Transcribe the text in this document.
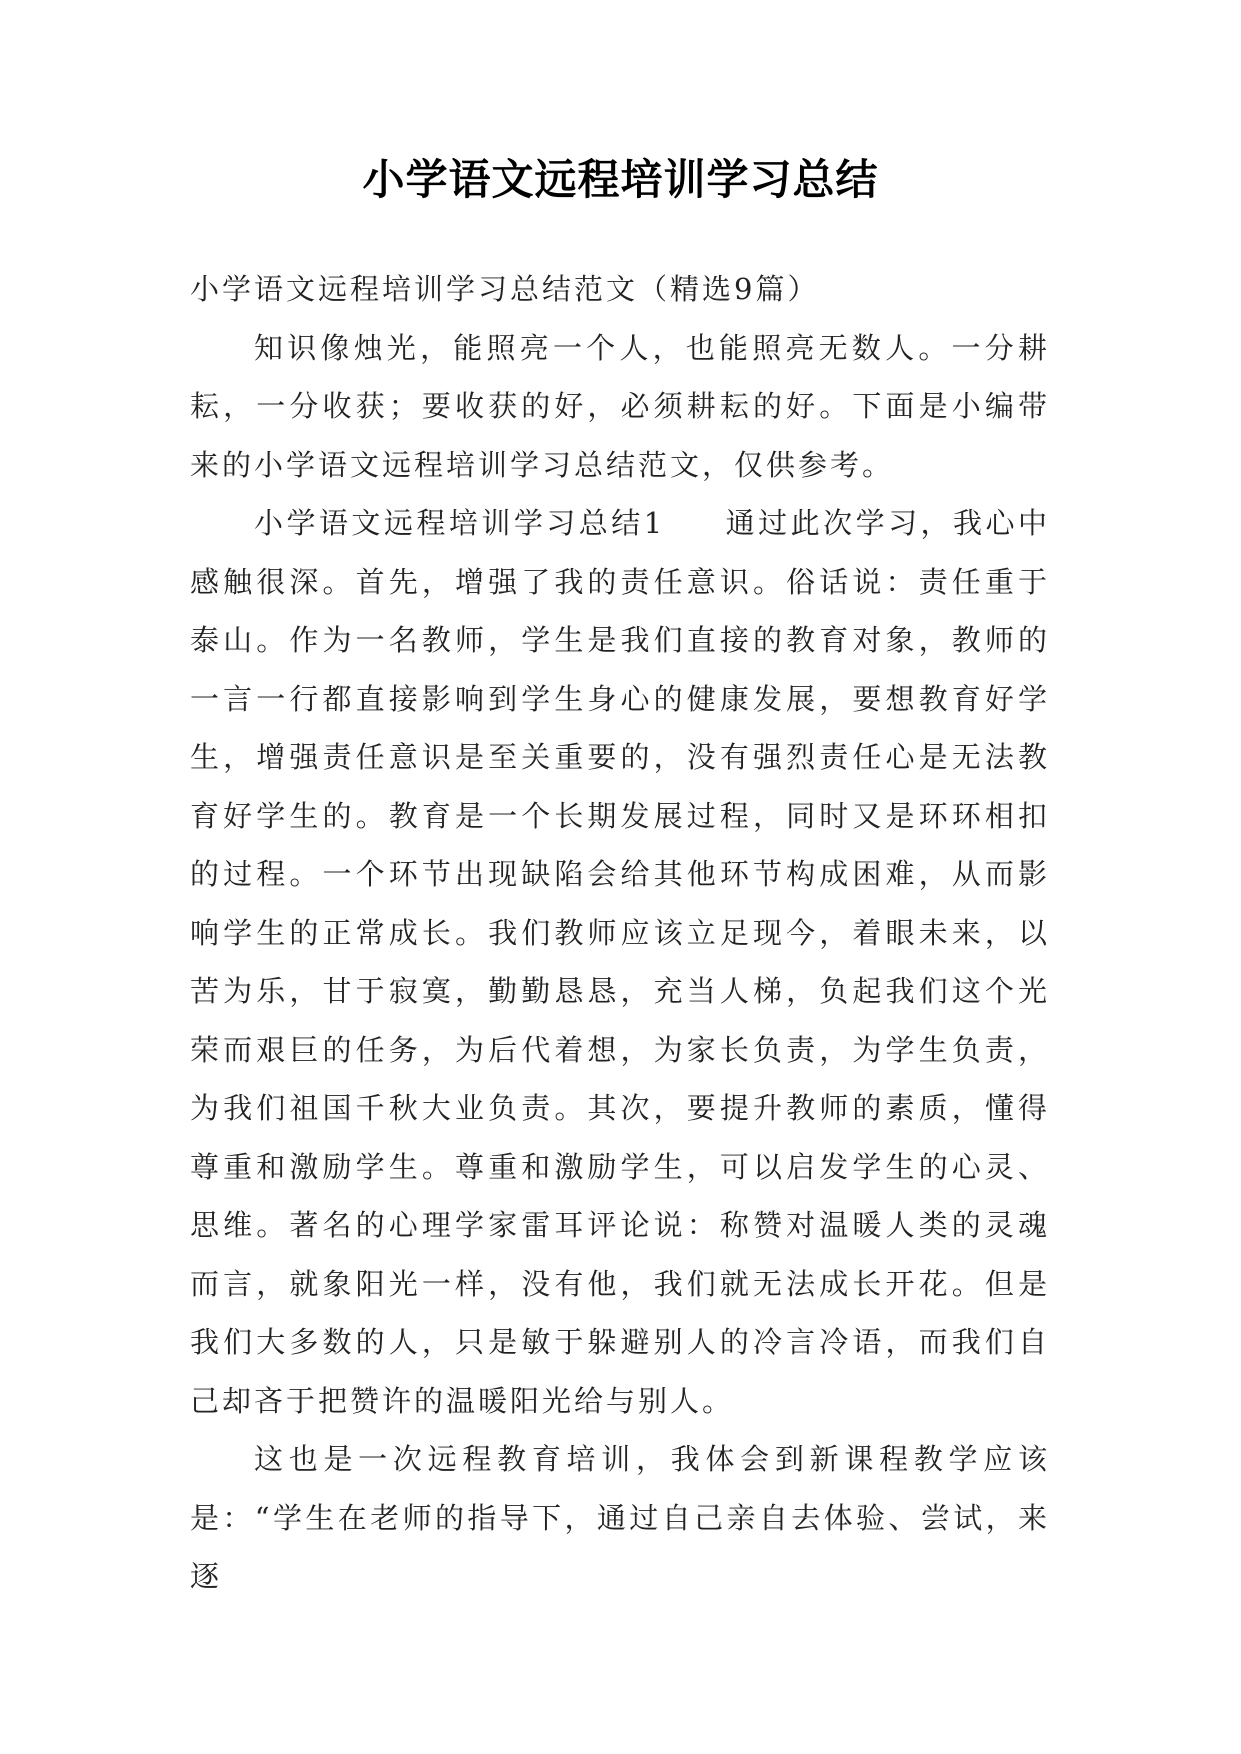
小学语文远程培训学习总结

小学语文远程培训学习总结范文（精选9篇）

知识像烛光，能照亮一个人，也能照亮无数人。一分耕耘，一分收获；要收获的好，必须耕耘的好。下面是小编带来的小学语文远程培训学习总结范文，仅供参考。

小学语文远程培训学习总结1 通过此次学习，我心中感触很深。首先，增强了我的责任意识。俗话说：责任重于泰山。作为一名教师，学生是我们直接的教育对象，教师的一言一行都直接影响到学生身心的健康发展，要想教育好学生，增强责任意识是至关重要的，没有强烈责任心是无法教育好学生的。教育是一个长期发展过程，同时又是环环相扣的过程。一个环节出现缺陷会给其他环节构成困难，从而影响学生的正常成长。我们教师应该立足现今，着眼未来，以苦为乐，甘于寂寞，勤勤恳恳，充当人梯，负起我们这个光荣而艰巨的任务，为后代着想，为家长负责，为学生负责，为我们祖国千秋大业负责。其次，要提升教师的素质，懂得尊重和激励学生。尊重和激励学生，可以启发学生的心灵、思维。著名的心理学家雷耳评论说：称赞对温暖人类的灵魂而言，就象阳光一样，没有他，我们就无法成长开花。但是我们大多数的人，只是敏于躲避别人的冷言冷语，而我们自己却吝于把赞许的温暖阳光给与别人。

这也是一次远程教育培训，我体会到新课程教学应该是：“学生在老师的指导下，通过自己亲自去体验、尝试，来逐
